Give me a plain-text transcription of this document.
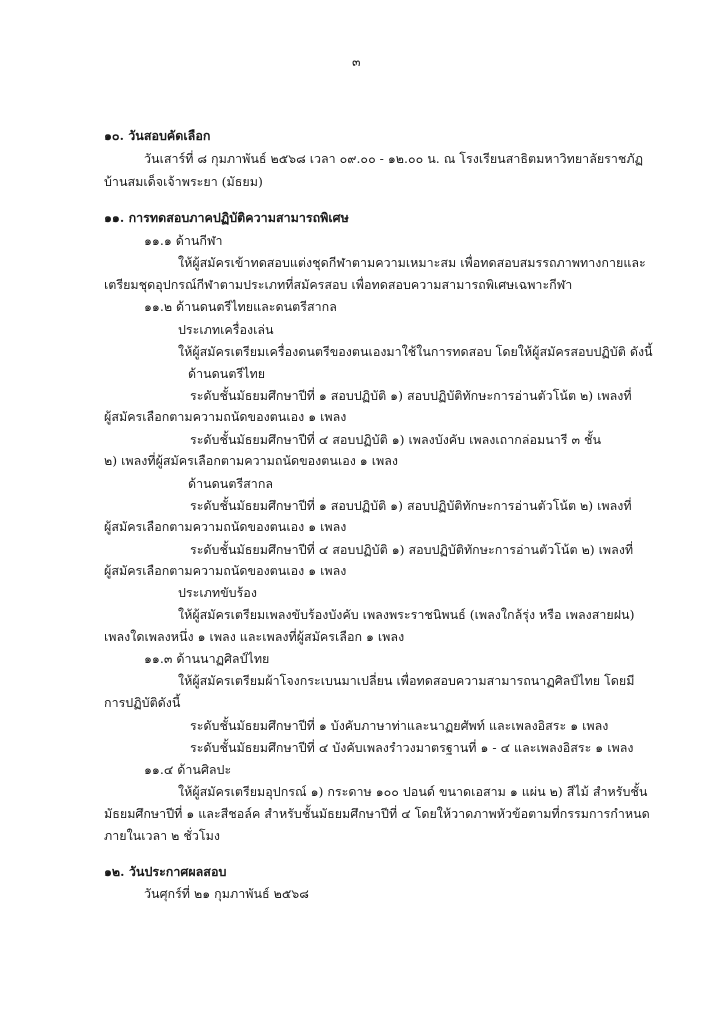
๓
๑๐. วันสอบคัดเลือก
วันเสาร์ที่ ๘ กุมภาพันธ์ ๒๕๖๘ เวลา ๐๙.๐๐ - ๑๒.๐๐ น. ณ โรงเรียนสาธิตมหาวิทยาลัยราชภัฏ
บ้านสมเด็จเจ้าพระยา (มัธยม)
๑๑. การทดสอบภาคปฏิบัติความสามารถพิเศษ
๑๑.๑ ด้านกีฬา
ให้ผู้สมัครเข้าทดสอบแต่งชุดกีฬาตามความเหมาะสม เพื่อทดสอบสมรรถภาพทางกายและ
เตรียมชุดอุปกรณ์กีฬาตามประเภทที่สมัครสอบ เพื่อทดสอบความสามารถพิเศษเฉพาะกีฬา
๑๑.๒ ด้านดนตรีไทยและดนตรีสากล
ประเภทเครื่องเล่น
ให้ผู้สมัครเตรียมเครื่องดนตรีของตนเองมาใช้ในการทดสอบ โดยให้ผู้สมัครสอบปฏิบัติ ดังนี้
ด้านดนตรีไทย
ระดับชั้นมัธยมศึกษาปีที่ ๑ สอบปฏิบัติ ๑) สอบปฏิบัติทักษะการอ่านตัวโน้ต ๒) เพลงที่
ผู้สมัครเลือกตามความถนัดของตนเอง ๑ เพลง
ระดับชั้นมัธยมศึกษาปีที่ ๔ สอบปฏิบัติ ๑) เพลงบังคับ เพลงเถากล่อมนารี ๓ ชั้น
๒) เพลงที่ผู้สมัครเลือกตามความถนัดของตนเอง ๑ เพลง
ด้านดนตรีสากล
ระดับชั้นมัธยมศึกษาปีที่ ๑ สอบปฏิบัติ ๑) สอบปฏิบัติทักษะการอ่านตัวโน้ต ๒) เพลงที่
ผู้สมัครเลือกตามความถนัดของตนเอง ๑ เพลง
ระดับชั้นมัธยมศึกษาปีที่ ๔ สอบปฏิบัติ ๑) สอบปฏิบัติทักษะการอ่านตัวโน้ต ๒) เพลงที่
ผู้สมัครเลือกตามความถนัดของตนเอง ๑ เพลง
ประเภทขับร้อง
ให้ผู้สมัครเตรียมเพลงขับร้องบังคับ เพลงพระราชนิพนธ์ (เพลงใกล้รุ่ง หรือ เพลงสายฝน)
เพลงใดเพลงหนึ่ง ๑ เพลง และเพลงที่ผู้สมัครเลือก ๑ เพลง
๑๑.๓ ด้านนาฏศิลป์ไทย
ให้ผู้สมัครเตรียมผ้าโจงกระเบนมาเปลี่ยน เพื่อทดสอบความสามารถนาฏศิลป์ไทย โดยมี
การปฏิบัติดังนี้
ระดับชั้นมัธยมศึกษาปีที่ ๑ บังคับภาษาท่าและนาฏยศัพท์ และเพลงอิสระ ๑ เพลง
ระดับชั้นมัธยมศึกษาปีที่ ๔ บังคับเพลงรำวงมาตรฐานที่ ๑ - ๔ และเพลงอิสระ ๑ เพลง
๑๑.๔ ด้านศิลปะ
ให้ผู้สมัครเตรียมอุปกรณ์ ๑) กระดาษ ๑๐๐ ปอนด์ ขนาดเอสาม ๑ แผ่น ๒) สีไม้ สำหรับชั้น
มัธยมศึกษาปีที่ ๑ และสีชอล์ค สำหรับชั้นมัธยมศึกษาปีที่ ๔ โดยให้วาดภาพหัวข้อตามที่กรรมการกำหนด
ภายในเวลา ๒ ชั่วโมง
๑๒. วันประกาศผลสอบ
วันศุกร์ที่ ๒๑ กุมภาพันธ์ ๒๕๖๘
